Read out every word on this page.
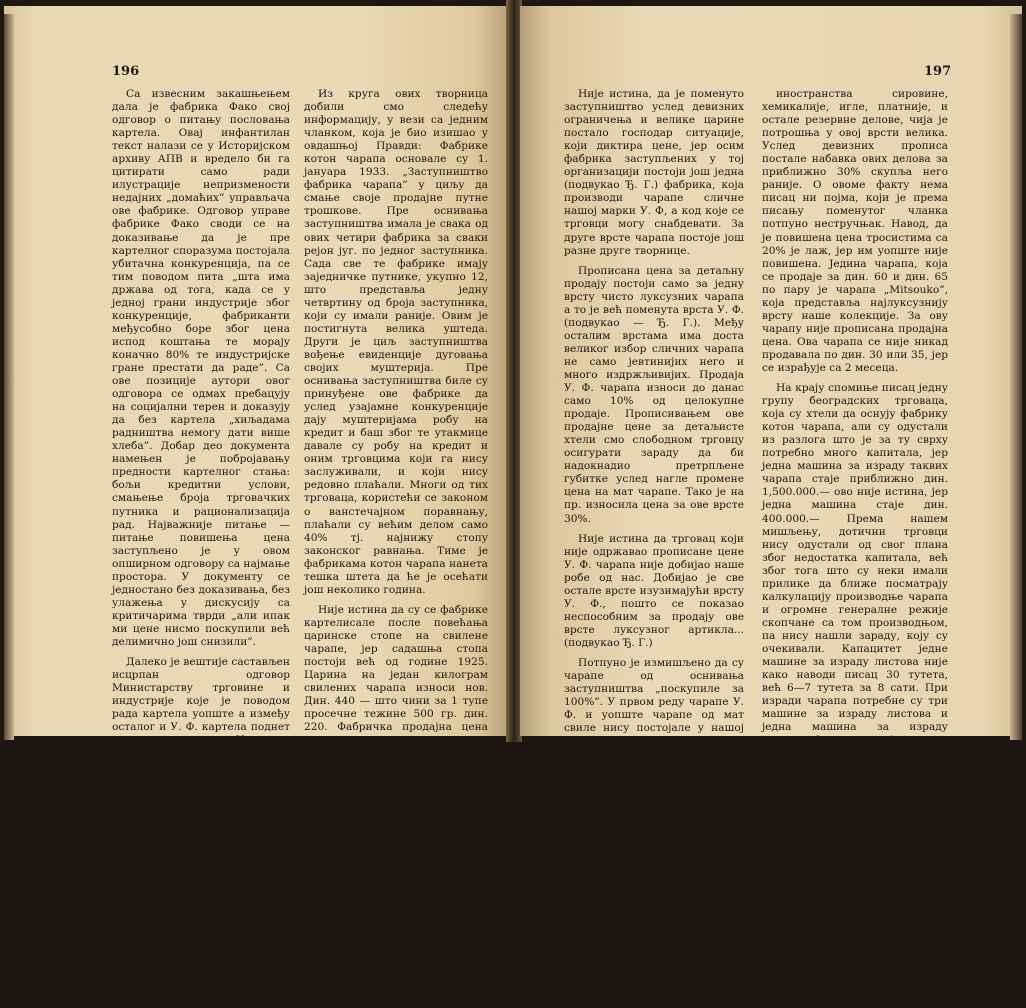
196

Са извесним закашњењем дала је фабрика Фако свој одговор о питању пословања картела. Овај инфантилан текст налази се у Историјском архиву АПВ и вредело би га цитирати само ради илустрације непризмености недајних „домаћих” управљача ове фабрике. Одговор управе фабрике Фако своди се на доказивање да је пре картелног споразума постојала убитачна конкуренција, па се тим поводом пита „шта има држава од тога, када се у једној грани индустрије због конкуренције, фабриканти међусобно боре због цена испод коштања те морају коначно 80% те индустријске гране престати да раде”. Са ове позиције аутори овог одговора се одмах пребацују на социјални терен и доказују да без картела „хиљадама радништва немогу дати више хлеба”. Добар део документа намењен је побројавању предности картелног стања: бољи кредитни услови, смањење броја трговачких путника и рационализација рад. Најважније питање — питање повишења цена заступљено је у овом опширном одговору са најмање простора. У документу се једностано без доказивања, без улажења у дискусију са критичарима тврди „али ипак ми цене нисмо поскупили већ делимично још снизили”.

Далеко је вештије састављен исцрпан одговор Министарству трговине и индустрије које је поводом рада картела уопште а између осталог и У. Ф. картела поднет од стране Централе индустријских корпорација. Из тог исцрпног материјала цитирамо само оне делове који се односе на индустрију трикотаже: „На основу извршене анкете у октобру, новембру 1933. год. дознали смо да у тој грани индустрије постоји само споразум између четири фабрике свилених чарапа које раде са тзв. Котон-машинама... Постојећи споразум односи се дакле само на луксузну робу. Пре овог споразума постојао је такав хаос на тржишту да су цене и продајне кондиције биле сатеране на минимум, те су чарапе продаване испод цене коштања.

Из круга ових творница добили смо следећу информацију, у вези са једним чланком, која је био изишао у овдашњој Правди: Фабрике котон чарапа основале су 1. јануара 1933. „Заступништво фабрика чарапа” у циљу да смање своје продајне путне трошкове. Пре оснивања заступништва имала је свака од ових четири фабрика за сваки рејон југ. по једног заступника. Сада све те фабрике имају заједничке путнике, укупно 12, што представља једну четвртину од броја заступника, који су имали раније. Овим је постигнута велика уштеда. Други је циљ заступништва вођење евиденције дуговања својих муштерија. Пре оснивања заступништва биле су принуђене ове фабрике да услед узајамне конкуренције дају муштеријама робу на кредит и баш због те утакмице давале су робу на кредит и оним трговцима који га нису заслуживали, и који нису редовно плаћали. Многи од тих трговаца, користећи се законом о ванстечајном поравнању, плаћали су већим делом само 40% тј. најнижу стопу законског равнања. Тиме је фабрикама котон чарапа нанета тешка штета да ће је осећати још неколико година.

Није истина да су се фабрике картелисале после повећања царинске стопе на свилене чарапе, јер садашња стопа постоји већ од године 1925. Царина на један килограм свилених чарапа износи нов. Дин. 440 — што чини за 1 тупе просечне тежине 500 гр. дин. 220. Фабричка продајна цена чарапа квалитета сличног нашој марки У. Ф. износи у Немачкој Р. М. 16.— тј. 281.50 дин. Додавши царину од 220 дин. добијамо цену од Динара 501.50, док је просечна цена наших чарапа 336 дин. Из овога се види да је наша царина искоришћена само са Дин. 55, што износи 12,50% од царинске заштите.

197

Није истина, да је поменуто заступништво услед девизних ограничења и велике царине постало господар ситуације, који диктира цене, јер осим фабрика заступљених у тој организацији постоји још једна (подвукао Ђ. Г.) фабрика, која производи чарапе сличне нашој марки У. Ф, а код које се трговци могу снабдевати. За друге врсте чарапа постоје још разне друге творнице.

Прописана цена за детаљну продају постоји само за једну врсту чисто луксузних чарапа а то је већ поменута врста У. Ф. (подвукао — Ђ. Г.). Међу осталим врстама има доста великог избор сличних чарапа не само јевтинијих него и много издржљивијих. Продаја У. Ф. чарапа износи до данас само 10% од целокупне продаје. Прописивањем ове продајне цене за детаљисте хтели смо слободном трговцу осигурати зараду да би надокнадио претрпљене губитке услед нагле промене цена на мат чарапе. Тако је на пр. износила цена за ове врсте 30%.

Није истина да трговац који није одржавао прописане цене У. Ф. чарапа није добијао наше робе од нас. Добијао је све остале врсте изузимајући врсту У. Ф., пошто се показао неспособним за продају ове врсте луксузног артикла... (подвукао Ђ. Г.)

Потпуно је измишљено да су чарапе од оснивања заступништва „поскупиле за 100%”. У првом реду чарапе У. Ф. и уопште чарапе од мат свиле нису постојале у нашој држави пре оснивања заступништва. У другом реду цене неких врста су се снизиле као на пр. врсти „Yo-Yo” „MOVA”. Цене њених врста незнатно су повишене и то из следећих разлога: прво, због 10% луксузног и 3,40% скупног пореза које фабрике морају плаћати, а исто тако и своим муштеријама урачунавати. Луксузни порез урачунавају у пуној свотн док скупни порез само са 3%. Домаће фабрике морају набављати из

иностранства сировине, хемикалије, игле, платније, и остале резервне делове, чија је потрошња у овој врсти велика. Услед девизних прописа постале набавка ових делова за приближно 30% скупља него раније. О овоме факту нема писац ни појма, који је према писању поменутог чланка потпуно нестручњак. Навод, да је повишена цена тросистима са 20% је лаж, јер им уопште није повишена. Једина чарапа, која се продаје за дин. 60 и дин. 65 по пару је чарапа „Mitsouko”, која представља најлуксузнију врсту наше колекције. За ову чарапу није прописана продајна цена. Ова чарапа се није никад продавала по дин. 30 или 35, јер се израђује са 2 месеца.

На крају спомиње писац једну групу београдских трговаца, која су хтели да оснују фабрику котон чарапа, али су одустали из разлога што је за ту сврху потребно много капитала, јер једна машина за израду таквих чарапа стаје приближно дин. 1,500.000.— ово није истина, јер једна машина стаје дин. 400.000.— Према нашем мишљењу, дотични трговци нису одустали од свог плана због недостатка капитала, већ због тога што су неки имали прилике да ближе посматрају калкулацију производње чарапа и огромне генералне режије скопчане са том производњом, па нису нашли зараду, коју су очекивали. Капацитет једне машине за израду листова није како наводи писац 30 тутета, већ 6—7 тутета за 8 сати. При изради чарапа потребне су три машине за израду листова и једна машина за израду стопала. Оваквих серија машина има у Југославији приближно 17 и њихов капацитет је наравно већи него двоструко од потражње свилених чарапа.

На крају напомињемо да је према нашем мишљењу, заступништво фабрика чарапа донело у првом реду користи потрошачима, јер води строги технички надзор над израдом чарапа и материјала који се за израду употреб-
